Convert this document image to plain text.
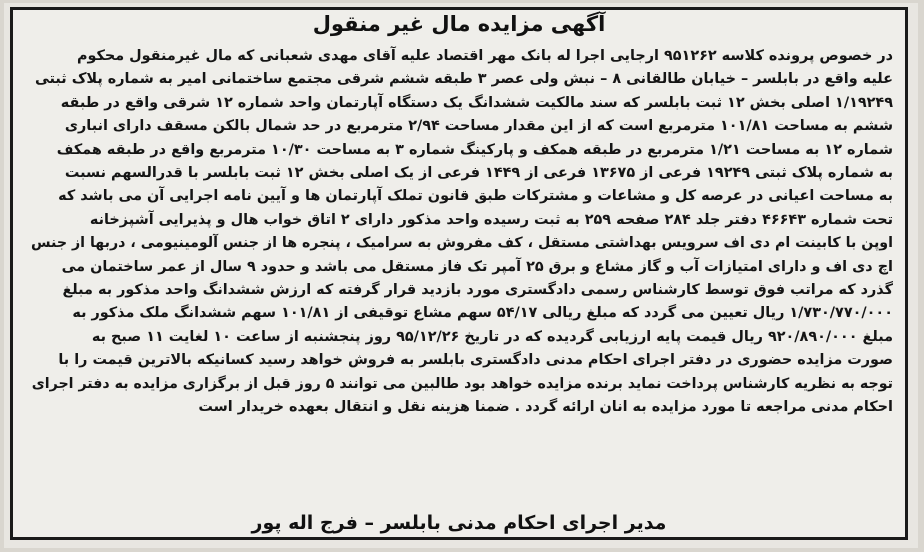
آگهی مزایده مال غیر منقول
در خصوص پرونده کلاسه ۹۵۱۲۶۲ ارجایی اجرا له بانک مهر اقتصاد علیه آقای مهدی شعبانی که مال غیرمنقول محکوم
علیه واقع در بابلسر – خیابان طالقانی ۸ – نبش ولی عصر ۳ طبقه ششم شرقی مجتمع ساختمانی امیر به شماره پلاک ثبتی
۱/۱۹۲۴۹ اصلی بخش ۱۲ ثبت بابلسر که سند مالکیت ششدانگ یک دستگاه آپارتمان واحد شماره ۱۲ شرقی واقع در طبقه
ششم به مساحت ۱۰۱/۸۱ مترمربع است که از این مقدار مساحت ۲/۹۴ مترمربع در حد شمال بالکن مسقف دارای انباری
شماره ۱۲ به مساحت ۱/۲۱ مترمربع در طبقه همکف و پارکینگ شماره ۳ به مساحت ۱۰/۳۰ مترمربع واقع در طبقه همکف
به شماره پلاک ثبتی ۱۹۲۴۹ فرعی از ۱۳۶۷۵ فرعی از ۱۴۴۹ فرعی از یک اصلی بخش ۱۲ ثبت بابلسر با قدرالسهم نسبت
به مساحت اعیانی در عرصه کل و مشاعات و مشترکات طبق قانون تملک آپارتمان ها و آیین نامه اجرایی آن می باشد که
تحت شماره ۴۶۶۴۳ دفتر جلد ۲۸۴ صفحه ۲۵۹ به ثبت رسیده واحد مذکور دارای ۲ اتاق خواب هال و پذیرایی آشپزخانه
اوپن با کابینت ام دی اف سرویس بهداشتی مستقل ، کف مفروش به سرامیک ، پنجره ها از جنس آلومینیومی ، دربها از جنس
اچ دی اف و دارای امتیازات آب و گاز مشاع و برق ۲۵ آمپر تک فاز مستقل می باشد و حدود ۹ سال از عمر ساختمان می
گذرد که مراتب فوق توسط کارشناس رسمی دادگستری مورد بازدید قرار گرفته که ارزش ششدانگ واحد مذکور به مبلغ
۱/۷۳۰/۷۷۰/۰۰۰ ریال تعیین می گردد که مبلغ ریالی ۵۴/۱۷ سهم مشاع توقیفی از ۱۰۱/۸۱ سهم ششدانگ ملک مذکور به
مبلغ ۹۲۰/۸۹۰/۰۰۰ ریال قیمت پایه ارزیابی گردیده که در تاریخ ۹۵/۱۲/۲۶ روز پنجشنبه از ساعت ۱۰ لغایت ۱۱ صبح به
صورت مزایده حضوری در دفتر اجرای احکام مدنی دادگستری بابلسر به فروش خواهد رسید کسانیکه بالاترین قیمت را با
توجه به نظریه کارشناس پرداخت نماید برنده مزایده خواهد بود طالبین می توانند ۵ روز قبل از برگزاری مزایده به دفتر اجرای
احکام مدنی مراجعه تا مورد مزایده به انان ارائه گردد . ضمنا هزینه نقل و انتقال بعهده خریدار است
مدیر اجرای احکام مدنی بابلسر – فرج اله پور
